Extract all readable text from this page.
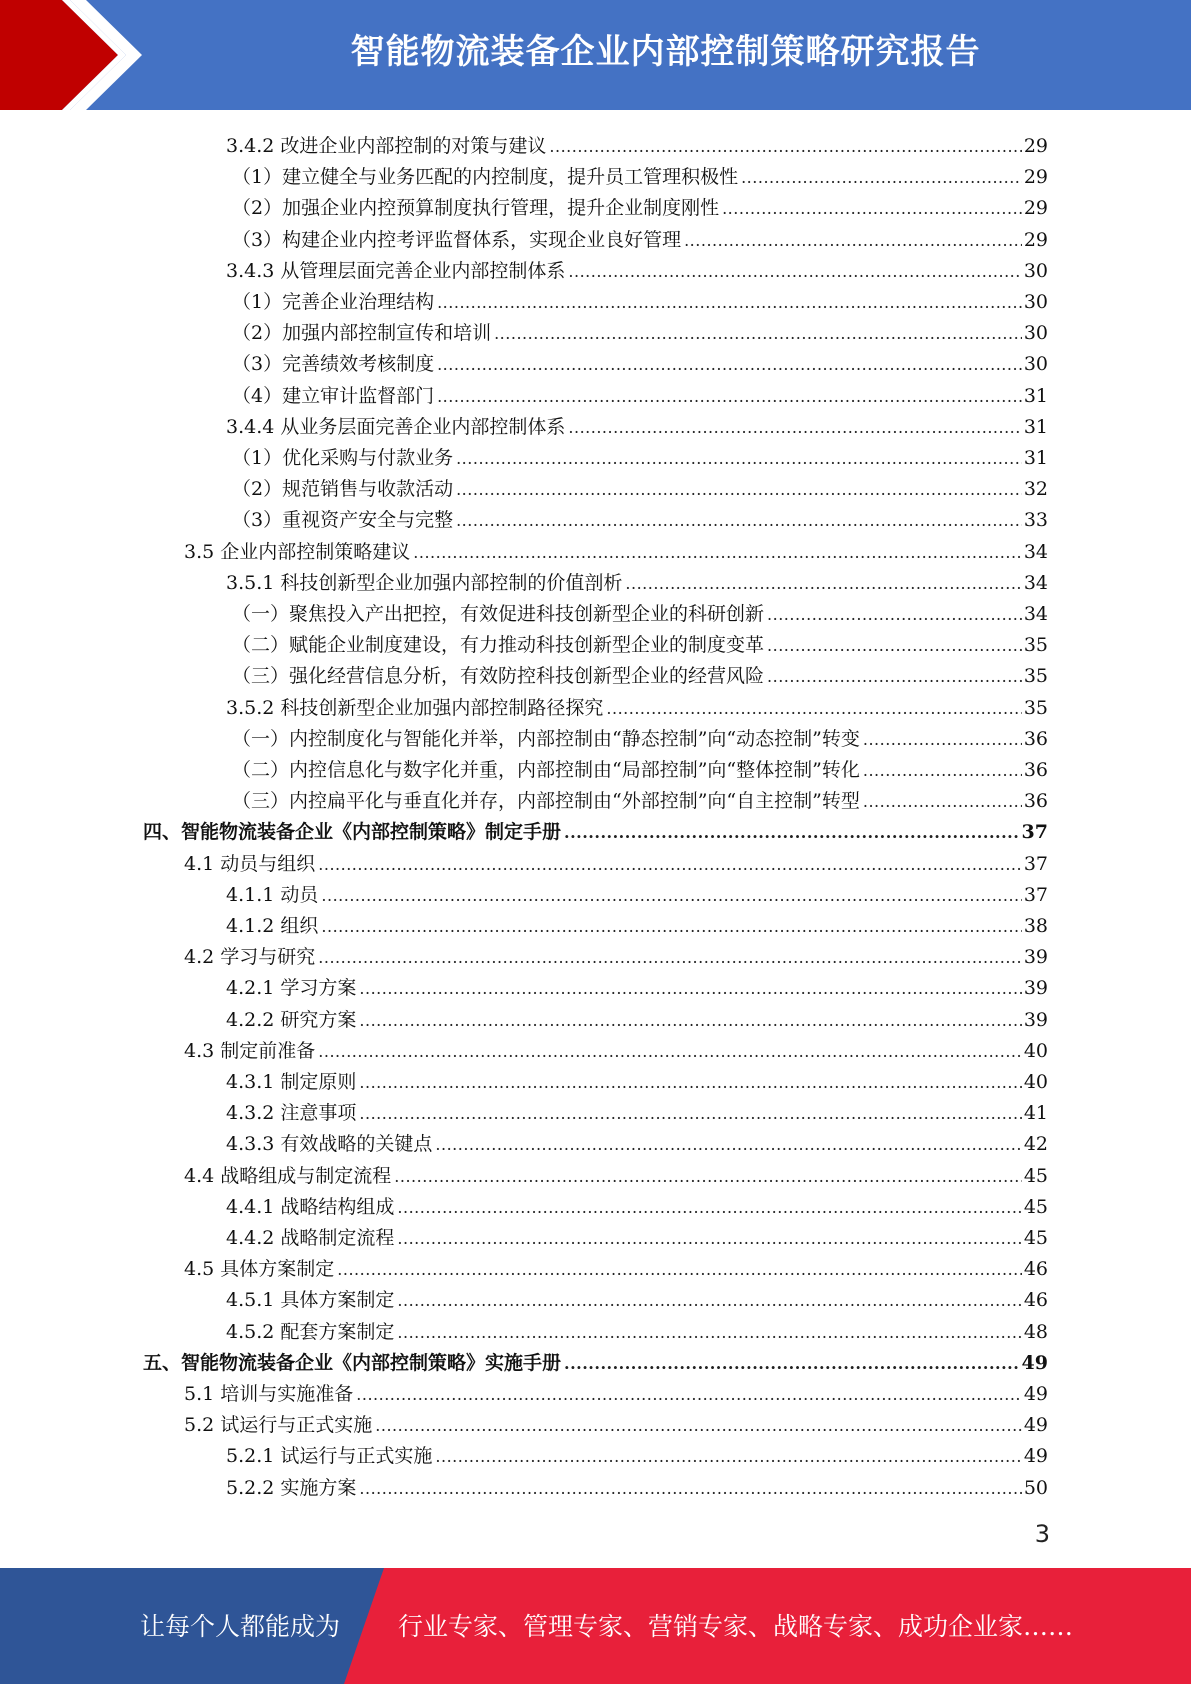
智能物流装备企业内部控制策略研究报告
3.4.2 改进企业内部控制的对策与建议 .....	29
（1）建立健全与业务匹配的内控制度，提升员工管理积极性 .....	29
（2）加强企业内控预算制度执行管理，提升企业制度刚性 .....	29
（3）构建企业内控考评监督体系，实现企业良好管理 .....	29
3.4.3 从管理层面完善企业内部控制体系 .....	30
（1）完善企业治理结构 .....	30
（2）加强内部控制宣传和培训 .....	30
（3）完善绩效考核制度 .....	30
（4）建立审计监督部门 .....	31
3.4.4 从业务层面完善企业内部控制体系 .....	31
（1）优化采购与付款业务 .....	31
（2）规范销售与收款活动 .....	32
（3）重视资产安全与完整 .....	33
3.5 企业内部控制策略建议 .....	34
3.5.1 科技创新型企业加强内部控制的价值剖析 .....	34
（一）聚焦投入产出把控，有效促进科技创新型企业的科研创新 .....	34
（二）赋能企业制度建设，有力推动科技创新型企业的制度变革 .....	35
（三）强化经营信息分析，有效防控科技创新型企业的经营风险 .....	35
3.5.2 科技创新型企业加强内部控制路径探究 .....	35
（一）内控制度化与智能化并举，内部控制由“静态控制”向“动态控制”转变 .....	36
（二）内控信息化与数字化并重，内部控制由“局部控制”向“整体控制”转化 .....	36
（三）内控扁平化与垂直化并存，内部控制由“外部控制”向“自主控制”转型 .....	36
四、智能物流装备企业《内部控制策略》制定手册 .....	37
4.1 动员与组织 .....	37
4.1.1 动员 .....	37
4.1.2 组织 .....	38
4.2 学习与研究 .....	39
4.2.1 学习方案 .....	39
4.2.2 研究方案 .....	39
4.3 制定前准备 .....	40
4.3.1 制定原则 .....	40
4.3.2 注意事项 .....	41
4.3.3 有效战略的关键点 .....	42
4.4 战略组成与制定流程 .....	45
4.4.1 战略结构组成 .....	45
4.4.2 战略制定流程 .....	45
4.5 具体方案制定 .....	46
4.5.1 具体方案制定 .....	46
4.5.2 配套方案制定 .....	48
五、智能物流装备企业《内部控制策略》实施手册 .....	49
5.1 培训与实施准备 .....	49
5.2 试运行与正式实施 .....	49
5.2.1 试运行与正式实施 .....	49
5.2.2 实施方案 .....	50
3
让每个人都能成为 行业专家、管理专家、营销专家、战略专家、成功企业家……
